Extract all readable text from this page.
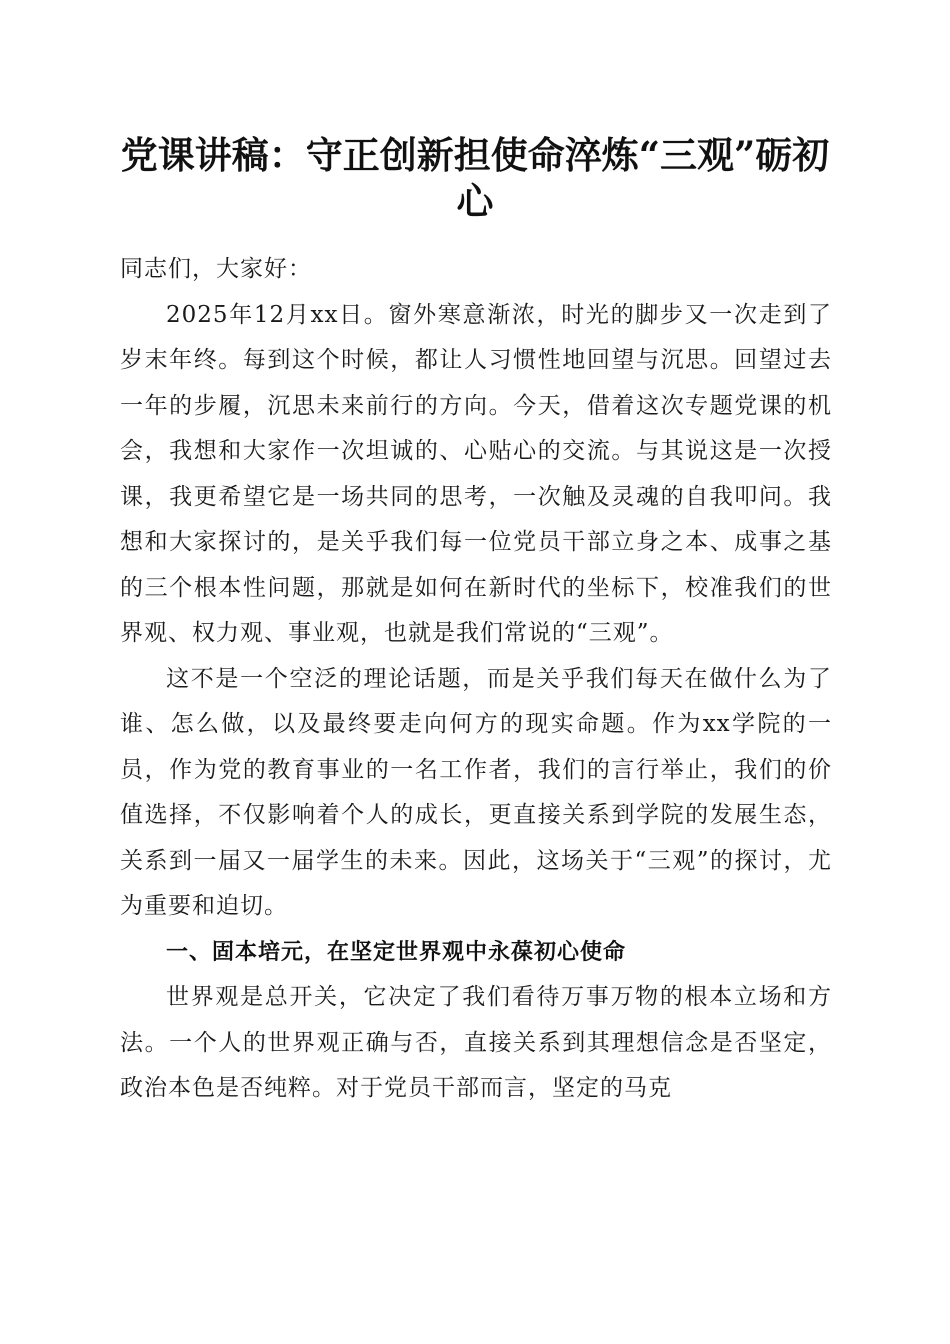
党课讲稿：守正创新担使命淬炼“三观”砺初心

同志们，大家好：

2025年12月xx日。窗外寒意渐浓，时光的脚步又一次走到了岁末年终。每到这个时候，都让人习惯性地回望与沉思。回望过去一年的步履，沉思未来前行的方向。今天，借着这次专题党课的机会，我想和大家作一次坦诚的、心贴心的交流。与其说这是一次授课，我更希望它是一场共同的思考，一次触及灵魂的自我叩问。我想和大家探讨的，是关乎我们每一位党员干部立身之本、成事之基的三个根本性问题，那就是如何在新时代的坐标下，校准我们的世界观、权力观、事业观，也就是我们常说的“三观”。

这不是一个空泛的理论话题，而是关乎我们每天在做什么为了谁、怎么做，以及最终要走向何方的现实命题。作为xx学院的一员，作为党的教育事业的一名工作者，我们的言行举止，我们的价值选择，不仅影响着个人的成长，更直接关系到学院的发展生态，关系到一届又一届学生的未来。因此，这场关于“三观”的探讨，尤为重要和迫切。

一、固本培元，在坚定世界观中永葆初心使命

世界观是总开关，它决定了我们看待万事万物的根本立场和方法。一个人的世界观正确与否，直接关系到其理想信念是否坚定，政治本色是否纯粹。对于党员干部而言，坚定的马克
